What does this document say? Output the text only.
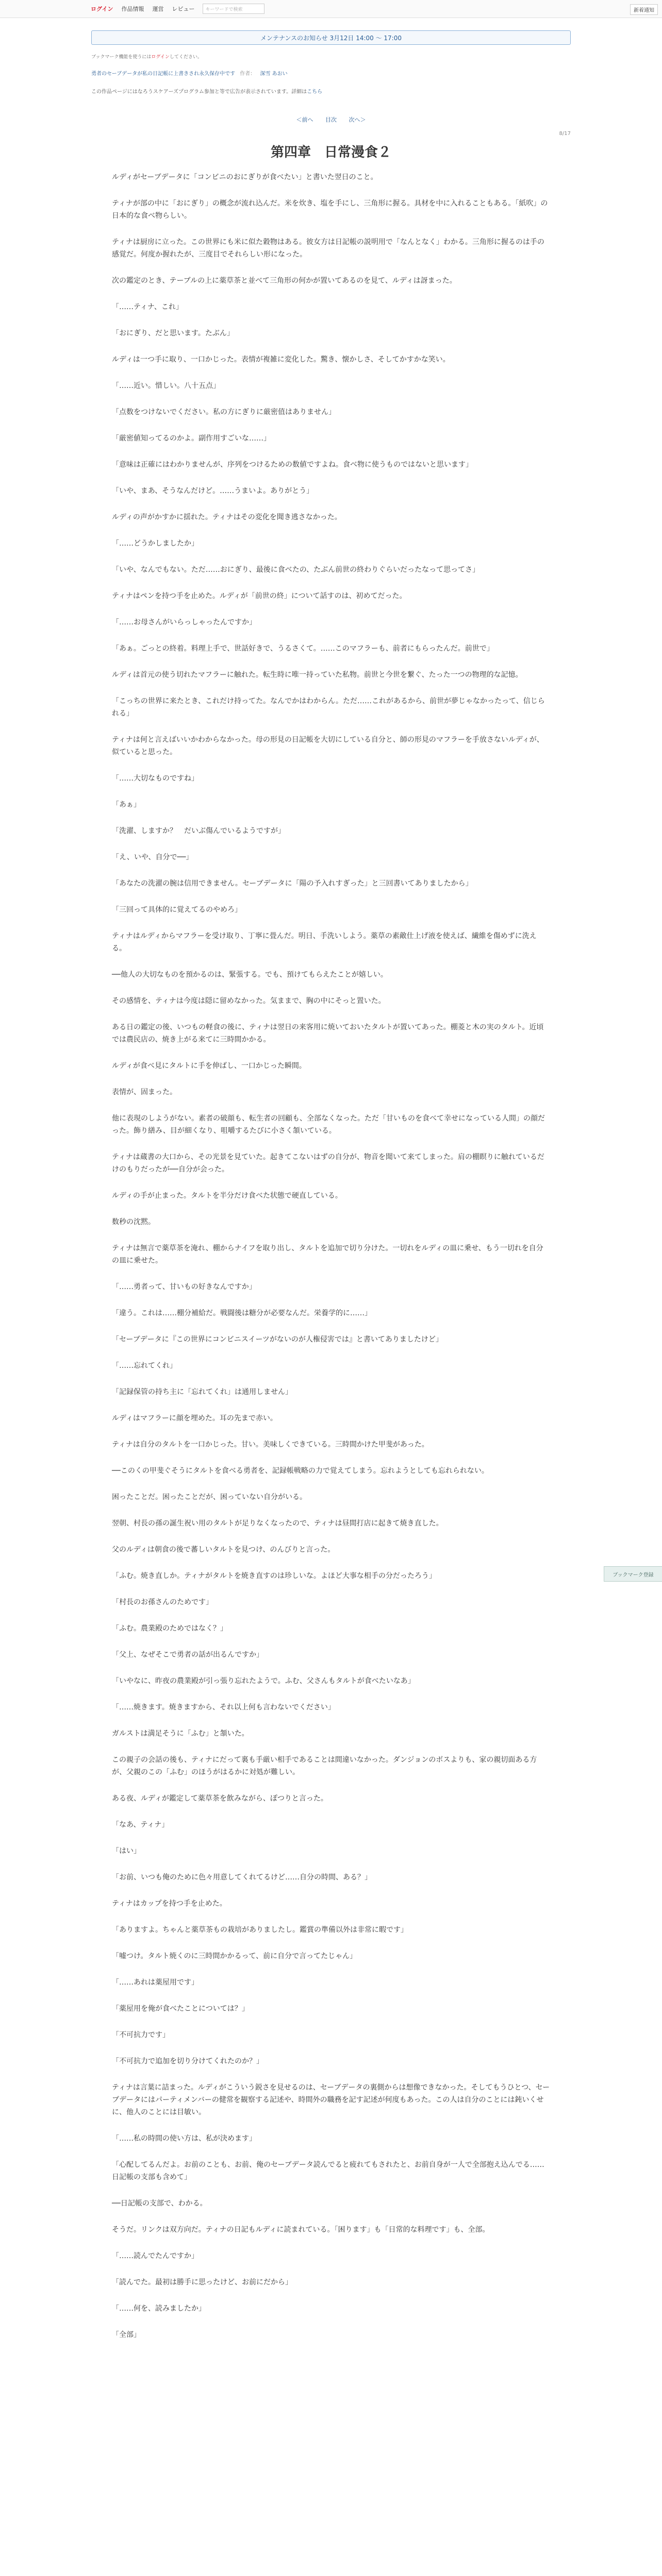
ログイン 作品情報 運営 レビュー	キーワードで検索	新着通知
メンテナンスのお知らせ 3月12日 14:00 〜 17:00
ブックマーク機能を使うにはログインしてください。
勇者のセーブデータが私の日記帳に上書きされ永久保存中です 作者： 深雪 あおい
この作品ページにはなろうスケアーズプログラム参加と等で広告が表示されています。詳細はこちら
＜前へ 目次 次へ＞
8/17
第四章　日常漫食２

ルディがセーブデータに「コンビニのおにぎりが食べたい」と書いた翌日のこと。

ティナが部の中に「おにぎり」の概念が流れ込んだ。米を炊き、塩を手にし、三角形に握る。具材を中に入れることもある。「紙吹」の日本的な食べ物らしい。

ティナは厨房に立った。この世界にも米に似た穀物はある。彼女方は日記帳の説明用で「なんとなく」わかる。三角形に握るのは手の感覚だ。何度か握れたが、三度目でそれらしい形になった。

次の鑑定のとき、テーブルの上に薬草茶と並べて三角形の何かが置いてあるのを見て、ルディは訝まった。

「……ティナ、これ」

「おにぎり、だと思います。たぶん」

ルディは一つ手に取り、一口かじった。表情が複雑に変化した。驚き、懐かしさ、そしてかすかな笑い。

「……近い。惜しい。八十五点」

「点数をつけないでください。私の方にぎりに厳密值はありません」

「厳密値知ってるのかよ。副作用すごいな……」

「意味は正確にはわかりませんが、序列をつけるための数値ですよね。食べ物に使うものではないと思います」

「いや、まあ、そうなんだけど。……うまいよ。ありがとう」

ルディの声がかすかに揺れた。ティナはその変化を聞き逃さなかった。

「……どうかしましたか」

「いや、なんでもない。ただ……おにぎり、最後に食べたの、たぶん前世の終わりぐらいだったなって思ってさ」

ティナはペンを持つ手を止めた。ルディが「前世の終」について話すのは、初めてだった。

「……お母さんがいらっしゃったんですか」

「あぁ。ごっとの終着。料理上手で、世話好きで、うるさくて。……このマフラーも、前者にもらったんだ。前世で」

ルディは首元の使う切れたマフラーに触れた。転生時に唯一持っていた私物。前世と今世を繋ぐ、たった一つの物理的な記憶。

「こっちの世界に来たとき、これだけ持ってた。なんでかはわからん。ただ……これがあるから、前世が夢じゃなかったって、信じられる」

ティナは何と言えばいいかわからなかった。母の形見の日記帳を大切にしている自分と、師の形見のマフラーを手放さないルディが、似ていると思った。

「……大切なものですね」

「あぁ」

「洗濯、しますか？　だいぶ傷んでいるようですが」

「え、いや、自分で──」

「あなたの洗濯の腕は信用できません。セーブデータに「陽の予入れすぎった」と三回書いてありましたから」

「三回って具体的に覚えてるのやめろ」

ティナはルディからマフラーを受け取り、丁寧に畳んだ。明日、手洗いしよう。薬草の素敵仕上げ液を使えば、繊維を傷めずに洗える。

──他人の大切なものを預かるのは、緊張する。でも、預けてもらえたことが嬉しい。

その感情を、ティナは今度は隠に留めなかった。気ままで、胸の中にそっと置いた。

ある日の鑑定の後、いつもの軽食の後に、ティナは翌日の来客用に焼いておいたタルトが置いてあった。棚菱と木の実のタルト。近頃では農民店の、焼き上がる来てに三時間かかる。

ルディが食べ見にタルトに手を伸ばし、一口かじった瞬間。

表情が、固まった。

他に表現のしようがない。素者の破顔も、転生者の回顧も、全部なくなった。ただ「甘いものを食べて幸せになっている人間」の顔だった。飾り繕み、目が細くなり、咀嚼するたびに小さく頷いている。

ティナは蔵書の大口から、その光景を見ていた。起きてこないはずの自分が、物音を聞いて来てしまった。肩の棚瞑りに触れているだけのもりだったが──自分が会った。

ルディの手が止まった。タルトを半分だけ食べた状態で硬直している。

数秒の沈黙。

ティナは無言で薬草茶を淹れ、棚からナイフを取り出し、タルトを追加で切り分けた。一切れをルディの皿に乗せ、もう一切れを自分の皿に乗せた。

「……勇者って、甘いもの好きなんですか」

「違う。これは……棚分補給だ。戦闘後は糖分が必要なんだ。栄養学的に……」

「セーブデータに『この世界にコンビニスイーツがないのが人権侵害では』と書いてありましたけど」

「……忘れてくれ」

「記録保管の持ち主に「忘れてくれ」は通用しません」

ルディはマフラーに顔を埋めた。耳の先まで赤い。

ティナは自分のタルトを一口かじった。甘い。美味しくできている。三時間かけた甲斐があった。

──このくの甲斐ぐそうにタルトを食べる勇者を、記録帳戦略の力で覚えてしまう。忘れようとしても忘れられない。

困ったことだ。困ったことだが、困っていない自分がいる。

翌朝、村長の孫の誕生祝い用のタルトが足りなくなったので、ティナは昼間打店に起きて焼き直した。

父のルディは朝食の後で蕃しいタルトを見つけ、のんびりと言った。

「ふむ。焼き直しか。ティナがタルトを焼き直すのは珍しいな。よほど大事な相手の分だったろう」

「村長のお孫さんのためです」

「ふむ。農業殿のためではなく？」

「父上、なぜそこで勇者の話が出るんですか」

「いやなに、昨夜の農業殿が引っ張り忘れたようで。ふむ、父さんもタルトが食べたいなあ」

「……焼きます。焼きますから、それ以上何も言わないでください」

ガルストは満足そうに「ふむ」と頷いた。

この親子の会話の後も、ティナにだって裏も手厳い相手であることは間違いなかった。ダンジョンのボスよりも、家の親切面ある方が、父親のこの「ふむ」のほうがはるかに対処が難しい。

ある夜、ルディが鑑定して薬草茶を飲みながら、ぽつりと言った。

「なあ、ティナ」

「はい」

「お前、いつも俺のために色々用意してくれてるけど……自分の時間、ある？」

ティナはカップを持つ手を止めた。

「ありますよ。ちゃんと薬草茶もの栽培がありましたし。鑑賞の準備以外は非常に暇です」

「嘘つけ。タルト焼くのに三時間かかるって、前に自分で言ってたじゃん」

「……あれは薬屋用です」

「薬屋用を俺が食べたことについては？」

「不可抗力です」

「不可抗力で追加を切り分けてくれたのか？」

ティナは言葉に詰まった。ルディがこういう鋭さを見せるのは、セーブデータの裏側からは想像できなかった。そしてもうひとつ、セーブデータにはパーティメンバーの健常を観察する記述や、時間外の職務を記す記述が何度もあった。この人は自分のことには鈍いくせに、他人のことには目敏い。

「……私の時間の使い方は、私が決めます」

「心配してるんだよ。お前のことも、お前、俺のセーブデータ読んでると疲れてもされたと、お前自身が一人で全部抱え込んでる……日記帳の支部も含めて」

──日記帳の支部で、わかる。

そうだ。リンクは双方向だ。ティナの日記もルディに読まれている。「困ります」も「日常的な料理です」も、全部。

「……読んでたんですか」

「読んでた。最初は勝手に思ったけど、お前にだから」

「……何を、読みましたか」

「全部」

ブックマーク登録
